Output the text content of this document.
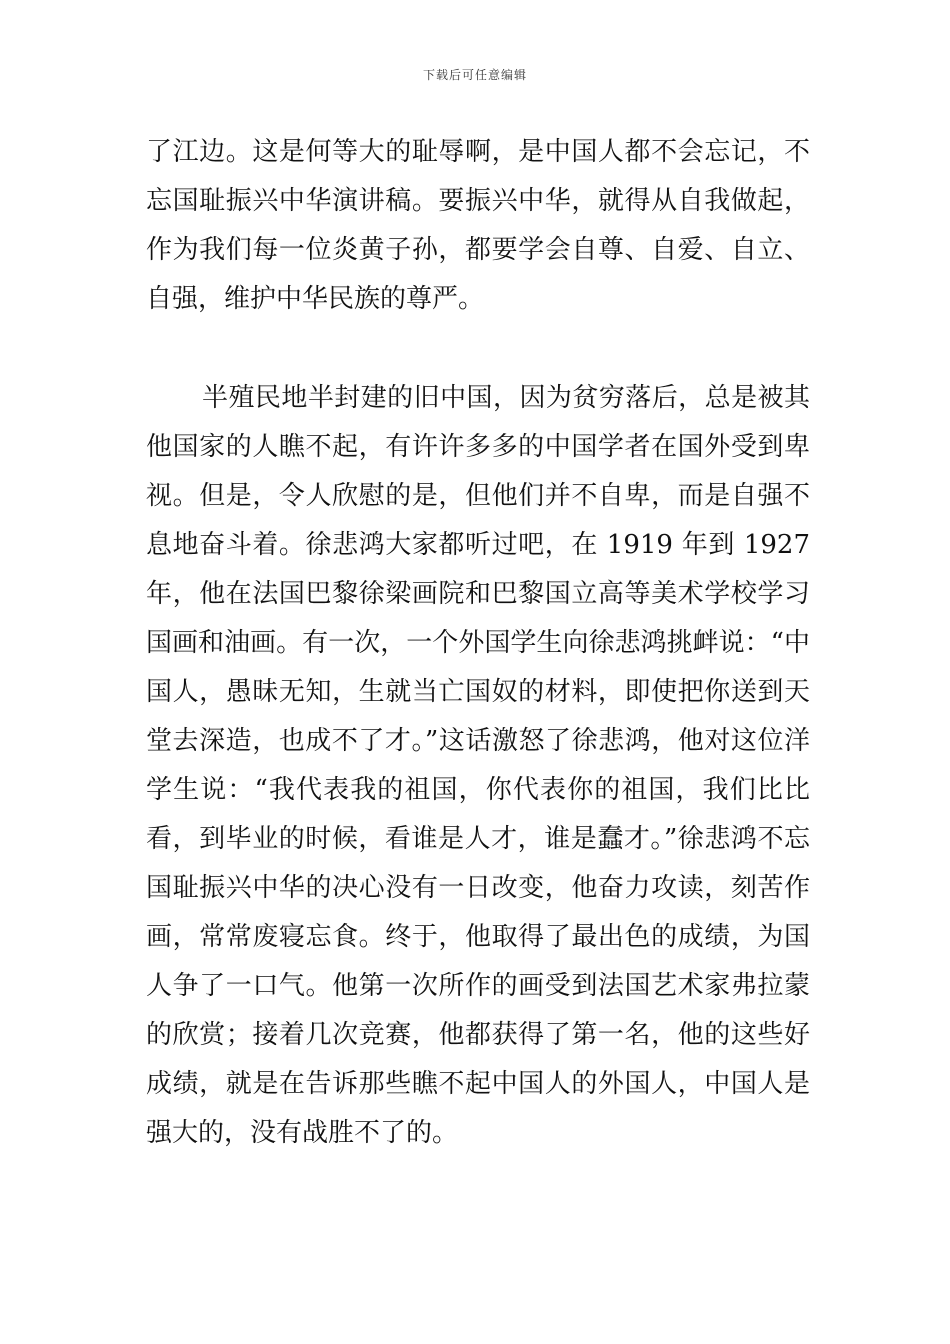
下载后可任意编辑

了江边。这是何等大的耻辱啊，是中国人都不会忘记，不忘国耻振兴中华演讲稿。要振兴中华，就得从自我做起，作为我们每一位炎黄子孙，都要学会自尊、自爱、自立、自强，维护中华民族的尊严。

半殖民地半封建的旧中国，因为贫穷落后，总是被其他国家的人瞧不起，有许许多多的中国学者在国外受到卑视。但是，令人欣慰的是，但他们并不自卑，而是自强不息地奋斗着。徐悲鸿大家都听过吧，在 1919 年到 1927 年，他在法国巴黎徐梁画院和巴黎国立高等美术学校学习国画和油画。有一次，一个外国学生向徐悲鸿挑衅说：“中国人，愚昧无知，生就当亡国奴的材料，即使把你送到天堂去深造，也成不了才。”这话激怒了徐悲鸿，他对这位洋学生说：“我代表我的祖国，你代表你的祖国，我们比比看，到毕业的时候，看谁是人才，谁是蠢才。”徐悲鸿不忘国耻振兴中华的决心没有一日改变，他奋力攻读，刻苦作画，常常废寝忘食。终于，他取得了最出色的成绩，为国人争了一口气。他第一次所作的画受到法国艺术家弗拉蒙的欣赏；接着几次竞赛，他都获得了第一名，他的这些好成绩，就是在告诉那些瞧不起中国人的外国人，中国人是强大的，没有战胜不了的。
